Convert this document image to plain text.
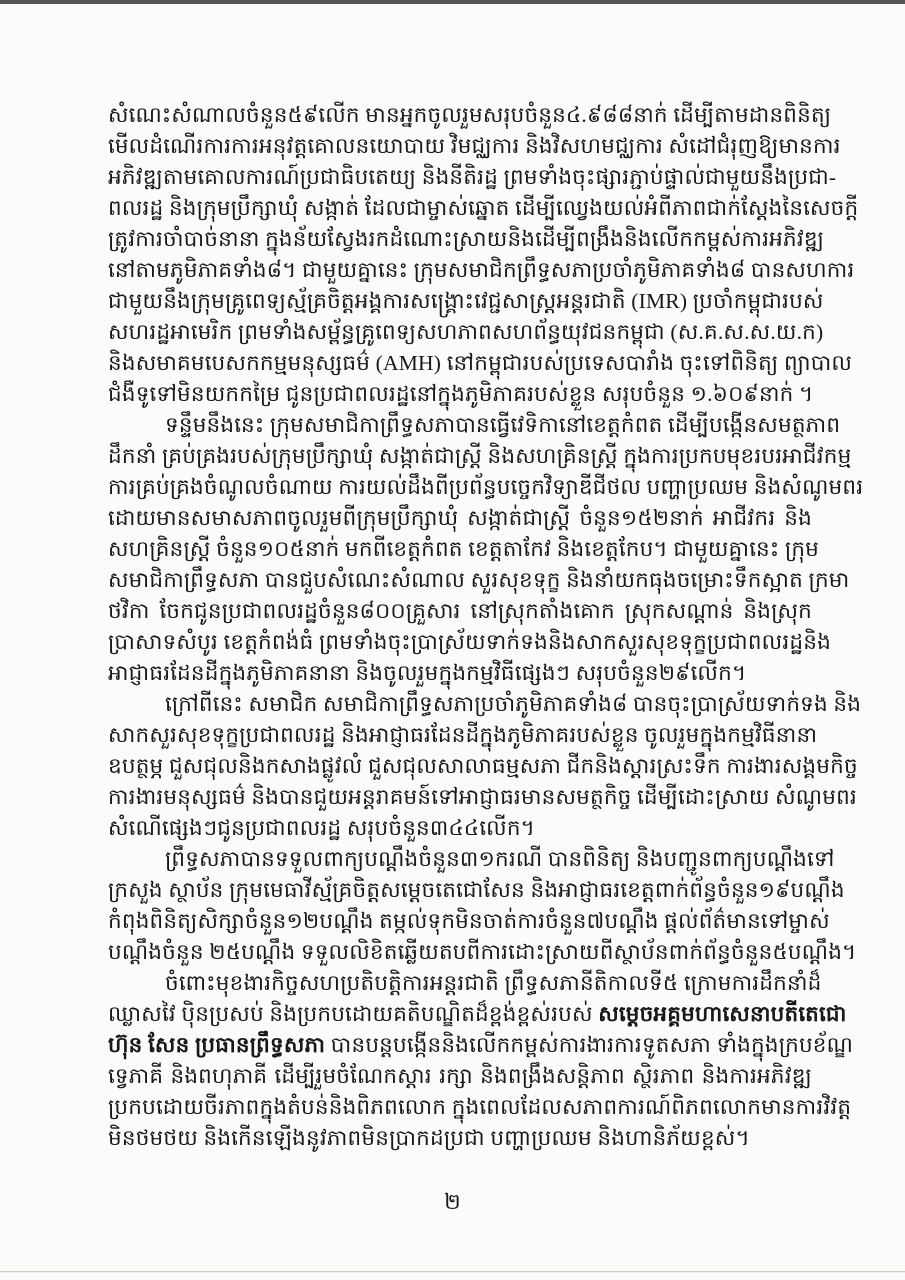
សំណេះសំណាលចំនួន៥៩លើក មានអ្នកចូលរួមសរុបចំនួន៤.៩៨៨នាក់ ដើម្បីតាមដានពិនិត្យ
មើលដំណើរការការអនុវត្តគោលនយោបាយ វិមជ្ឈការ និងវិសហមជ្ឈការ សំដៅជំរុញឱ្យមានការ
អភិវឌ្ឍតាមគោលការណ៍ប្រជាធិបតេយ្យ និងនីតិរដ្ឋ ព្រមទាំងចុះផ្សារភ្ជាប់ផ្ទាល់ជាមួយនឹងប្រជា-
ពលរដ្ឋ និងក្រុមប្រឹក្សាឃុំ សង្កាត់ ដែលជាម្ចាស់ឆ្នោត ដើម្បីឈ្វេងយល់អំពីភាពជាក់ស្តែងនៃសេចក្តី
ត្រូវការចាំបាច់នានា ក្នុងន័យស្វែងរកដំណោះស្រាយនិងដើម្បីពង្រឹងនិងលើកកម្ពស់ការអភិវឌ្ឍ
នៅតាមភូមិភាគទាំង៨។ ជាមួយគ្នានេះ ក្រុមសមាជិកព្រឹទ្ធសភាប្រចាំភូមិភាគទាំង៨ បានសហការ
ជាមួយនឹងក្រុមគ្រូពេទ្យស្ម័គ្រចិត្តអង្គការសង្គ្រោះវេជ្ជសាស្ត្រអន្តរជាតិ (IMR) ប្រចាំកម្ពុជារបស់
សហរដ្ឋអាមេរិក ព្រមទាំងសម្ព័ន្ធគ្រូពេទ្យសហភាពសហព័ន្ធយុវជនកម្ពុជា (ស.គ.ស.ស.យ.ក)
និងសមាគមបេសកកម្មមនុស្សធម៌ (AMH) នៅកម្ពុជារបស់ប្រទេសបារាំង ចុះទៅពិនិត្យ ព្យាបាល
ជំងឺទូទៅមិនយកកម្រៃ ជូនប្រជាពលរដ្ឋនៅក្នុងភូមិភាគរបស់ខ្លួន សរុបចំនួន ១.៦០៩នាក់ ។
ទន្ទឹមនឹងនេះ ក្រុមសមាជិកាព្រឹទ្ធសភាបានធ្វើវេទិកានៅខេត្តកំពត ដើម្បីបង្កើនសមត្ថភាព
ដឹកនាំ គ្រប់គ្រងរបស់ក្រុមប្រឹក្សាឃុំ សង្កាត់ជាស្ត្រី និងសហគ្រិនស្ត្រី ក្នុងការប្រកបមុខរបរអាជីវកម្ម
ការគ្រប់គ្រងចំណូលចំណាយ ការយល់ដឹងពីប្រព័ន្ធបច្ចេកវិទ្យាឌីជីថល បញ្ហាប្រឈម និងសំណូមពរ
ដោយមានសមាសភាពចូលរួមពីក្រុមប្រឹក្សាឃុំ សង្កាត់ជាស្ត្រី ចំនួន១៥២នាក់ អាជីវករ និង
សហគ្រិនស្ត្រី ចំនួន១០៥នាក់ មកពីខេត្តកំពត ខេត្តតាកែវ និងខេត្តកែប។ ជាមួយគ្នានេះ ក្រុម
សមាជិកាព្រឹទ្ធសភា បានជួបសំណេះសំណាល សួរសុខទុក្ខ និងនាំយកធុងចម្រោះទឹកស្អាត ក្រមា
ថវិកា ចែកជូនប្រជាពលរដ្ឋចំនួន៨០០គ្រួសារ នៅស្រុកតាំងគោក ស្រុកសណ្តាន់ និងស្រុក
ប្រាសាទសំបូរ ខេត្តកំពង់ធំ ព្រមទាំងចុះប្រាស្រ័យទាក់ទងនិងសាកសួរសុខទុក្ខប្រជាពលរដ្ឋនិង
អាជ្ញាធរដែនដីក្នុងភូមិភាគនានា និងចូលរួមក្នុងកម្មវិធីផ្សេងៗ សរុបចំនួន២៩លើក។
ក្រៅពីនេះ សមាជិក សមាជិកាព្រឹទ្ធសភាប្រចាំភូមិភាគទាំង៨ បានចុះប្រាស្រ័យទាក់ទង និង
សាកសួរសុខទុក្ខប្រជាពលរដ្ឋ និងអាជ្ញាធរដែនដីក្នុងភូមិភាគរបស់ខ្លួន ចូលរួមក្នុងកម្មវិធីនានា
ឧបត្ថម្ភ ជួសជុលនិងកសាងផ្លូវលំ ជួសជុលសាលាធម្មសភា ជីកនិងស្តារស្រះទឹក ការងារសង្គមកិច្ច
ការងារមនុស្សធម៌ និងបានជួយអន្តរាគមន៍ទៅអាជ្ញាធរមានសមត្ថកិច្ច ដើម្បីដោះស្រាយ សំណូមពរ
សំណើផ្សេងៗជូនប្រជាពលរដ្ឋ សរុបចំនួន៣៤៤លើក។
ព្រឹទ្ធសភាបានទទួលពាក្យបណ្តឹងចំនួន៣១ករណី បានពិនិត្យ និងបញ្ជូនពាក្យបណ្តឹងទៅ
ក្រសួង ស្ថាប័ន ក្រុមមេធាវីស្ម័គ្រចិត្តសម្តេចតេជោសែន និងអាជ្ញាធរខេត្តពាក់ព័ន្ធចំនួន១៩បណ្តឹង
កំពុងពិនិត្យសិក្សាចំនួន១២បណ្តឹង តម្កល់ទុកមិនចាត់ការចំនួន៧បណ្តឹង ផ្តល់ព័ត៌មានទៅម្ចាស់
បណ្តឹងចំនួន ២៥បណ្តឹង ទទួលលិខិតឆ្លើយតបពីការដោះស្រាយពីស្ថាប័នពាក់ព័ន្ធចំនួន៥បណ្តឹង។
ចំពោះមុខងារកិច្ចសហប្រតិបត្តិការអន្តរជាតិ ព្រឹទ្ធសភានីតិកាលទី៥ ក្រោមការដឹកនាំដ៏
ឈ្លាសវៃ ប៉ិនប្រសប់ និងប្រកបដោយគតិបណ្ឌិតដ៏ខ្ពង់ខ្ពស់របស់ សម្តេចអគ្គមហាសេនាបតីតេជោ
ហ៊ុន សែន ប្រធានព្រឹទ្ធសភា បានបន្តបង្កើននិងលើកកម្ពស់ការងារការទូតសភា ទាំងក្នុងក្របខ័ណ្ឌ
ទ្វេភាគី និងពហុភាគី ដើម្បីរួមចំណែកស្តារ រក្សា និងពង្រឹងសន្តិភាព ស្ថិរភាព និងការអភិវឌ្ឍ
ប្រកបដោយចីរភាពក្នុងតំបន់និងពិភពលោក ក្នុងពេលដែលសភាពការណ៍ពិភពលោកមានការវិវត្ត
មិនថមថយ និងកើនឡើងនូវភាពមិនប្រាកដប្រជា បញ្ហាប្រឈម និងហានិភ័យខ្ពស់។
២
